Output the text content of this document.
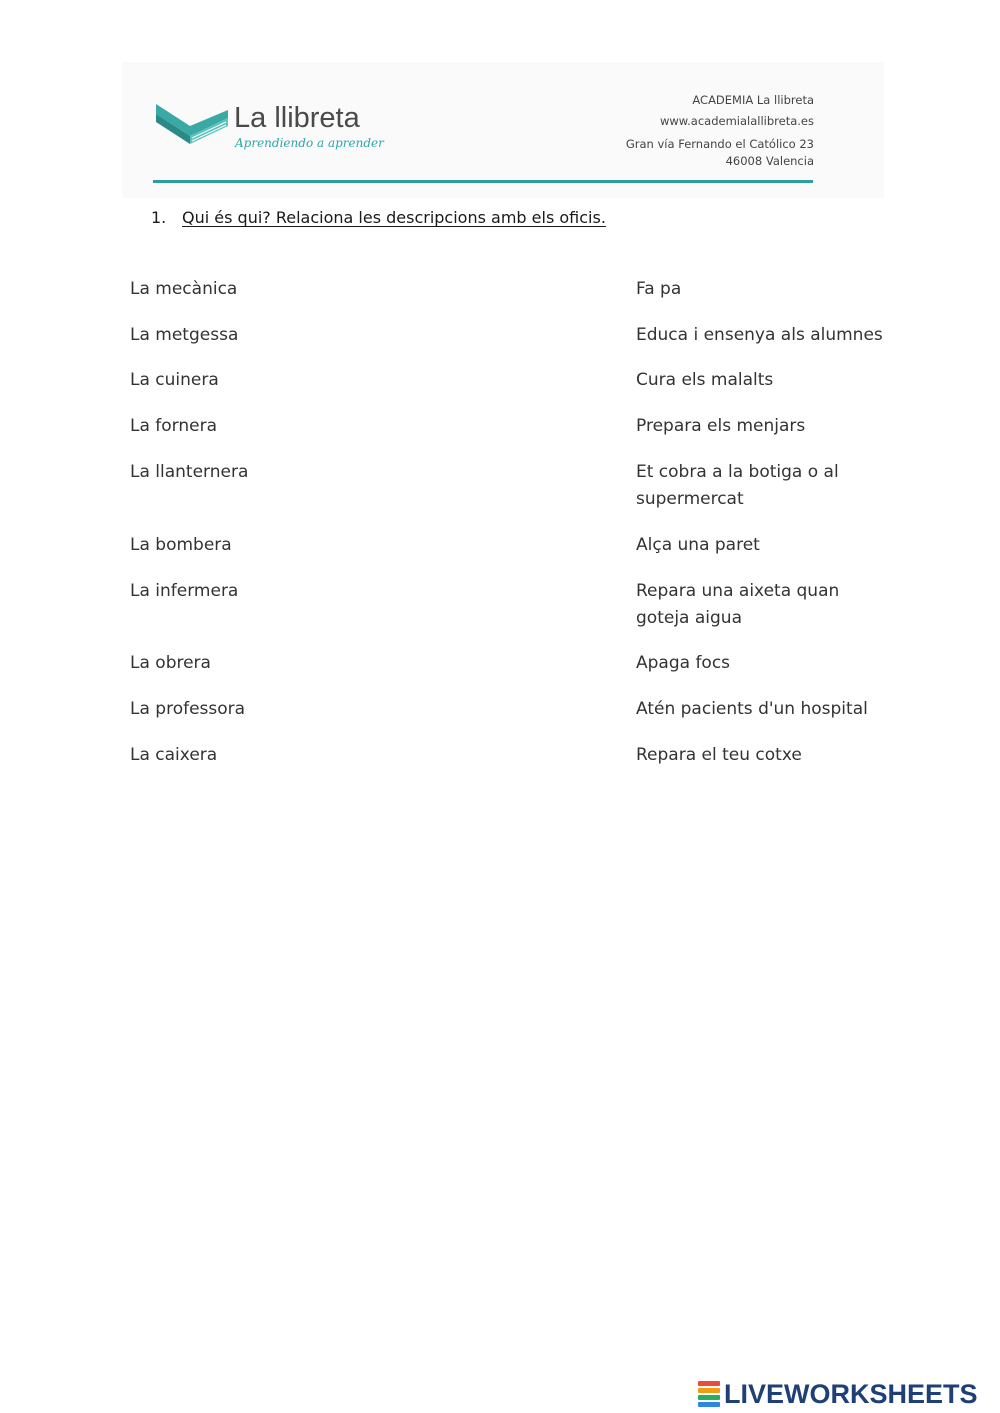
La llibreta
Aprendiendo a aprender
ACADEMIA La llibreta
www.academialallibreta.es
Gran vía Fernando el Católico 23
46008 Valencia
1. Qui és qui? Relaciona les descripcions amb els oficis.
La mecànica
La metgessa
La cuinera
La fornera
La llanternera
La bombera
La infermera
La obrera
La professora
La caixera
Fa pa
Educa i ensenya als alumnes
Cura els malalts
Prepara els menjars
Et cobra a la botiga o al supermercat
Alça una paret
Repara una aixeta quan goteja aigua
Apaga focs
Atén pacients d'un hospital
Repara el teu cotxe
LIVEWORKSHEETS
